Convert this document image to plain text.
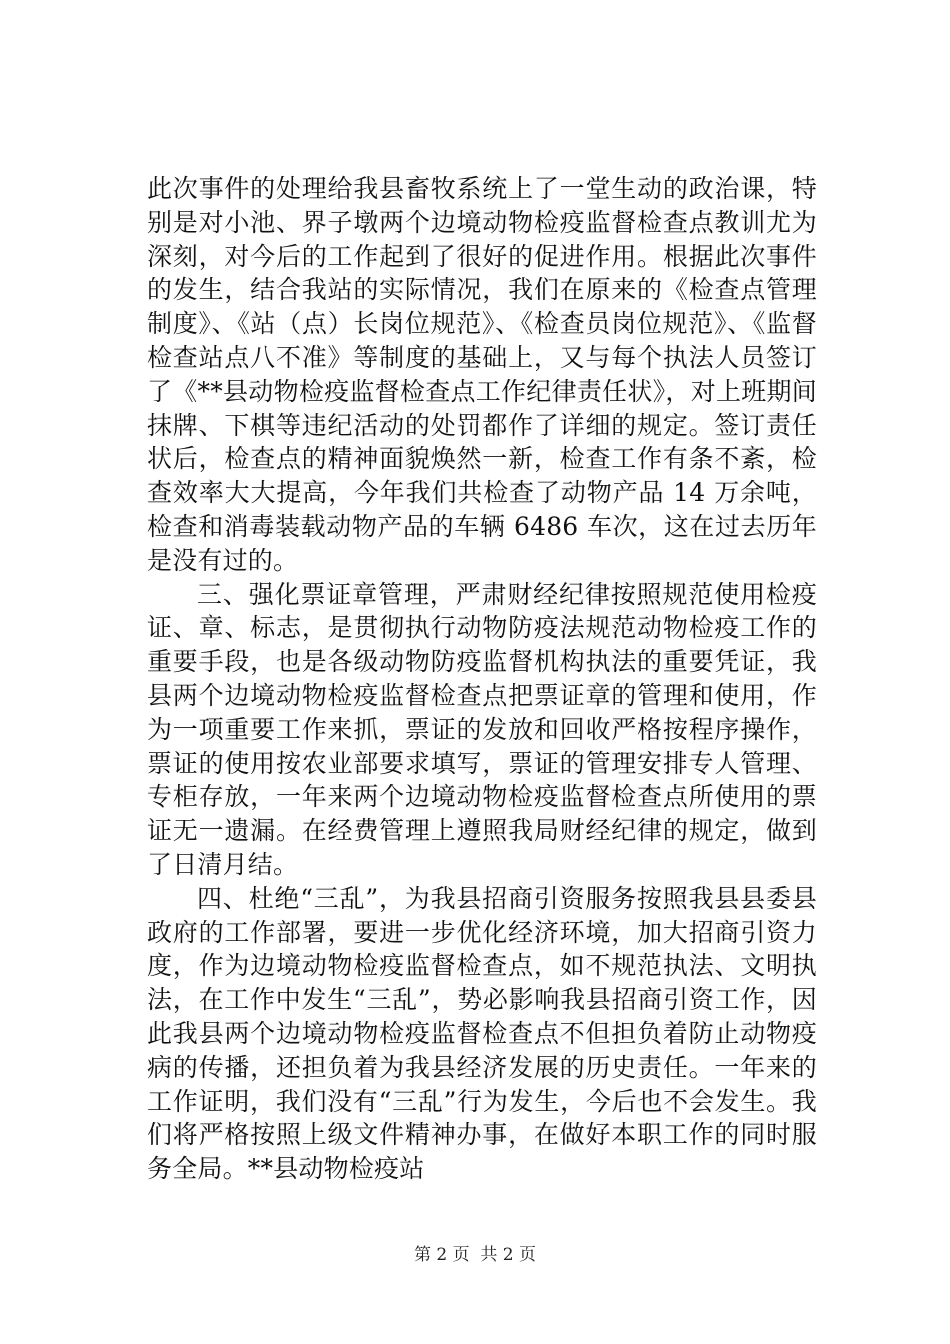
此次事件的处理给我县畜牧系统上了一堂生动的政治课，特别是对小池、界子墩两个边境动物检疫监督检查点教训尤为深刻，对今后的工作起到了很好的促进作用。根据此次事件的发生，结合我站的实际情况，我们在原来的《检查点管理制度》、《站（点）长岗位规范》、《检查员岗位规范》、《监督检查站点八不准》等制度的基础上，又与每个执法人员签订了《**县动物检疫监督检查点工作纪律责任状》，对上班期间抹牌、下棋等违纪活动的处罚都作了详细的规定。签订责任状后，检查点的精神面貌焕然一新，检查工作有条不紊，检查效率大大提高，今年我们共检查了动物产品 14 万余吨，检查和消毒装载动物产品的车辆 6486 车次，这在过去历年是没有过的。

三、强化票证章管理，严肃财经纪律按照规范使用检疫证、章、标志，是贯彻执行动物防疫法规范动物检疫工作的重要手段，也是各级动物防疫监督机构执法的重要凭证，我县两个边境动物检疫监督检查点把票证章的管理和使用，作为一项重要工作来抓，票证的发放和回收严格按程序操作，票证的使用按农业部要求填写，票证的管理安排专人管理、专柜存放，一年来两个边境动物检疫监督检查点所使用的票证无一遗漏。在经费管理上遵照我局财经纪律的规定，做到了日清月结。

四、杜绝“三乱”，为我县招商引资服务按照我县县委县政府的工作部署，要进一步优化经济环境，加大招商引资力度，作为边境动物检疫监督检查点，如不规范执法、文明执法，在工作中发生“三乱”，势必影响我县招商引资工作，因此我县两个边境动物检疫监督检查点不但担负着防止动物疫病的传播，还担负着为我县经济发展的历史责任。一年来的工作证明，我们没有“三乱”行为发生，今后也不会发生。我们将严格按照上级文件精神办事，在做好本职工作的同时服务全局。**县动物检疫站

第 2 页  共 2 页
